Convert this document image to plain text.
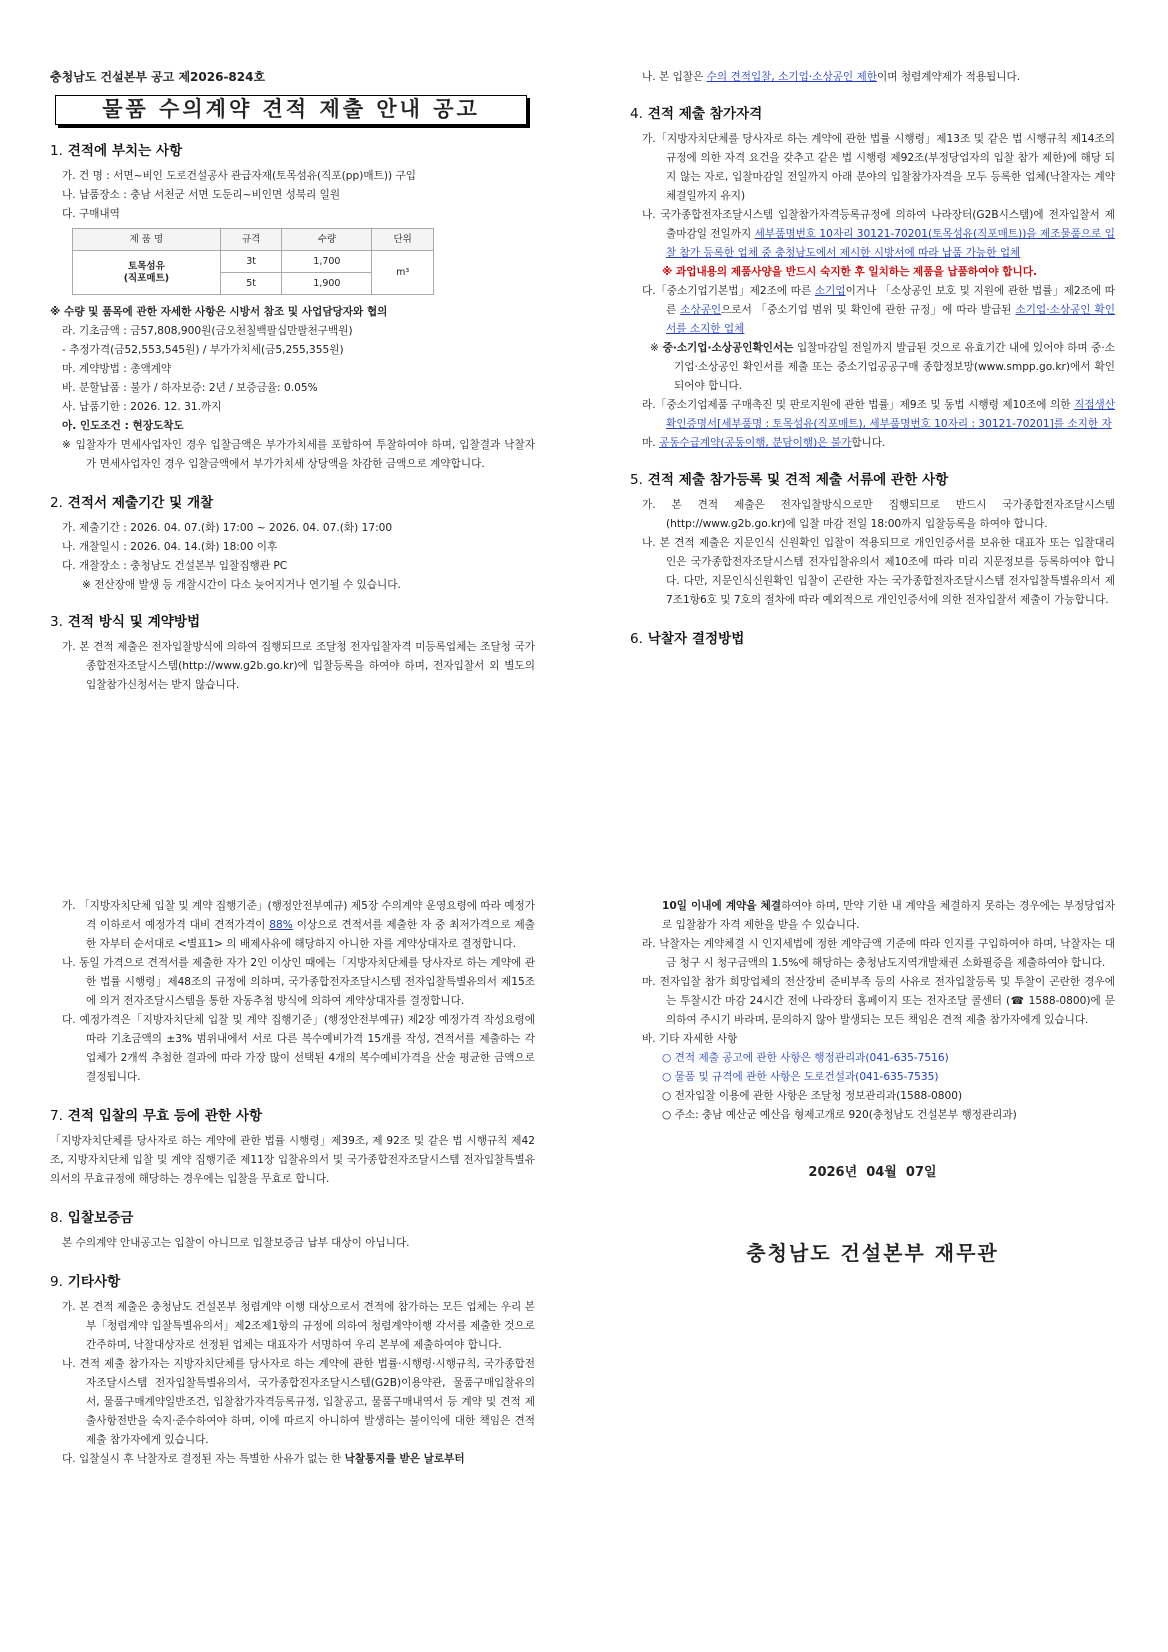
충청남도 건설본부 공고 제2026-824호

물품 수의계약 견적 제출 안내 공고
1. 견적에 부치는 사항

가. 건 명 : 서면~비인 도로건설공사 관급자재(토목섬유(직포(pp)매트)) 구입

나. 납품장소 : 충남 서천군 서면 도둔리~비인면 성북리 일원

다. 구매내역

제 품 명	규격	수량	단위
토목섬유
(직포매트)	3t	1,700	m³
	5t	1,900	

※ 수량 및 품목에 관한 자세한 사항은 시방서 참조 및 사업담당자와 협의

라. 기초금액 : 금57,808,900원(금오천칠백팔십만팔천구백원)

- 추정가격(금52,553,545원) / 부가가치세(금5,255,355원)

마. 계약방법 : 총액계약

바. 분할납품 : 불가 / 하자보증: 2년 / 보증금율: 0.05%

사. 납품기한 : 2026. 12. 31.까지

아. 인도조건 : 현장도착도

※ 입찰자가 면세사업자인 경우 입찰금액은 부가가치세를 포함하여 투찰하여야 하며, 입찰결과 낙찰자가 면세사업자인 경우 입찰금액에서 부가가치세 상당액을 차감한 금액으로 계약합니다.

2. 견적서 제출기간 및 개찰

가. 제출기간 : 2026. 04. 07.(화) 17:00 ~ 2026. 04. 07.(화) 17:00

나. 개찰일시 : 2026. 04. 14.(화) 18:00 이후

다. 개찰장소 : 충청남도 건설본부 입찰집행관 PC

※ 전산장애 발생 등 개찰시간이 다소 늦어지거나 연기될 수 있습니다.

3. 견적 방식 및 계약방법

가. 본 견적 제출은 전자입찰방식에 의하여 집행되므로 조달청 전자입찰자격 미등록업체는 조달청 국가종합전자조달시스템(http://www.g2b.go.kr)에 입찰등록을 하여야 하며, 전자입찰서 외 별도의 입찰참가신청서는 받지 않습니다.

나. 본 입찰은 수의 견적입찰, 소기업·소상공인 제한이며 청렴계약제가 적용됩니다.

4. 견적 제출 참가자격

가.「지방자치단체를 당사자로 하는 계약에 관한 법률 시행령」제13조 및 같은 법 시행규칙 제14조의 규정에 의한 자격 요건을 갖추고 같은 법 시행령 제92조(부정당업자의 입찰 참가 제한)에 해당 되지 않는 자로, 입찰마감일 전일까지 아래 분야의 입찰참가자격을 모두 등록한 업체(낙찰자는 계약체결일까지 유지)

나. 국가종합전자조달시스템 입찰참가자격등록규정에 의하여 나라장터(G2B시스템)에 전자입찰서 제출마감일 전일까지 세부품명번호 10자리 30121-70201(토목섬유(직포매트))을 제조물품으로 입찰 참가 등록한 업체 중 충청남도에서 제시한 시방서에 따라 납품 가능한 업체

※ 과업내용의 제품사양을 반드시 숙지한 후 일치하는 제품을 납품하여야 합니다.

다.「중소기업기본법」제2조에 따른 소기업이거나 「소상공인 보호 및 지원에 관한 법률」제2조에 따른 소상공인으로서 「중소기업 범위 및 확인에 관한 규정」에 따라 발급된 소기업·소상공인 확인서를 소지한 업체

※ 중·소기업·소상공인확인서는 입찰마감일 전일까지 발급된 것으로 유효기간 내에 있어야 하며 중·소기업·소상공인 확인서를 제출 또는 중소기업공공구매 종합정보망(www.smpp.go.kr)에서 확인되어야 합니다.

라.「중소기업제품 구매촉진 및 판로지원에 관한 법률」제9조 및 동법 시행령 제10조에 의한 직접생산확인증명서[세부품명 : 토목섬유(직포매트), 세부품명번호 10자리 : 30121-70201]를 소지한 자

마. 공동수급계약(공동이행, 분담이행)은 불가합니다.

5. 견적 제출 참가등록 및 견적 제출 서류에 관한 사항

가. 본 견적 제출은 전자입찰방식으로만 집행되므로 반드시 국가종합전자조달시스템(http://www.g2b.go.kr)에 입찰 마감 전일 18:00까지 입찰등록을 하여야 합니다.

나. 본 견적 제출은 지문인식 신원확인 입찰이 적용되므로 개인인증서를 보유한 대표자 또는 입찰대리인은 국가종합전자조달시스템 전자입찰유의서 제10조에 따라 미리 지문정보를 등록하여야 합니다. 다만, 지문인식신원확인 입찰이 곤란한 자는 국가종합전자조달시스템 전자입찰특별유의서 제7조1항6호 및 7호의 절차에 따라 예외적으로 개인인증서에 의한 전자입찰서 제출이 가능합니다.

6. 낙찰자 결정방법

가. 「지방자치단체 입찰 및 계약 집행기준」(행정안전부예규) 제5장 수의계약 운영요령에 따라 예정가격 이하로서 예정가격 대비 견적가격이 88% 이상으로 견적서를 제출한 자 중 최저가격으로 제출한 자부터 순서대로 <별표1> 의 배제사유에 해당하지 아니한 자를 계약상대자로 결정합니다.

나. 동일 가격으로 견적서를 제출한 자가 2인 이상인 때에는「지방자치단체를 당사자로 하는 계약에 관한 법률 시행령」제48조의 규정에 의하며, 국가종합전자조달시스템 전자입찰특별유의서 제15조에 의거 전자조달시스템을 통한 자동추첨 방식에 의하여 계약상대자를 결정합니다.

다. 예정가격은「지방자치단체 입찰 및 계약 집행기준」(행정안전부예규) 제2장 예정가격 작성요령에 따라 기초금액의 ±3% 범위내에서 서로 다른 복수예비가격 15개를 작성, 견적서를 제출하는 각 업체가 2개씩 추첨한 결과에 따라 가장 많이 선택된 4개의 복수예비가격을 산술 평균한 금액으로 결정됩니다.

7. 견적 입찰의 무효 등에 관한 사항

「지방자치단체를 당사자로 하는 계약에 관한 법률 시행령」제39조, 제 92조 및 같은 법 시행규칙 제42조, 지방자치단체 입찰 및 계약 집행기준 제11장 입찰유의서 및 국가종합전자조달시스템 전자입찰특별유의서의 무효규정에 해당하는 경우에는 입찰을 무효로 합니다.

8. 입찰보증금

본 수의계약 안내공고는 입찰이 아니므로 입찰보증금 납부 대상이 아닙니다.

9. 기타사항

가. 본 견적 제출은 충청남도 건설본부 청렴계약 이행 대상으로서 견적에 참가하는 모든 업체는 우리 본부「청렴계약 입찰특별유의서」제2조제1항의 규정에 의하여 청렴계약이행 각서를 제출한 것으로 간주하며, 낙찰대상자로 선정된 업체는 대표자가 서명하여 우리 본부에 제출하여야 합니다.

나. 견적 제출 참가자는 지방자치단체를 당사자로 하는 계약에 관한 법률·시행령·시행규칙, 국가종합전자조달시스템 전자입찰특별유의서, 국가종합전자조달시스템(G2B)이용약관, 물품구매입찰유의서, 물품구매계약일반조건, 입찰참가자격등록규정, 입찰공고, 물품구매내역서 등 계약 및 견적 제출사항전반을 숙지·준수하여야 하며, 이에 따르지 아니하여 발생하는 불이익에 대한 책임은 견적 제출 참가자에게 있습니다.

다. 입찰실시 후 낙찰자로 결정된 자는 특별한 사유가 없는 한 낙찰통지를 받은 날로부터

10일 이내에 계약을 체결하여야 하며, 만약 기한 내 계약을 체결하지 못하는 경우에는 부정당업자로 입찰참가 자격 제한을 받을 수 있습니다.

라. 낙찰자는 계약체결 시 인지세법에 정한 계약금액 기준에 따라 인지를 구입하여야 하며, 낙찰자는 대금 청구 시 청구금액의 1.5%에 해당하는 충청남도지역개발채권 소화필증을 제출하여야 합니다.

마. 전자입찰 참가 희망업체의 전산장비 준비부족 등의 사유로 전자입찰등록 및 투찰이 곤란한 경우에는 투찰시간 마감 24시간 전에 나라장터 홈페이지 또는 전자조달 콜센터 (☎ 1588-0800)에 문의하여 주시기 바라며, 문의하지 않아 발생되는 모든 책임은 견적 제출 참가자에게 있습니다.

바. 기타 자세한 사항

○ 견적 제출 공고에 관한 사항은 행정관리과(041-635-7516)

○ 물품 및 규격에 관한 사항은 도로건설과(041-635-7535)

○ 전자입찰 이용에 관한 사항은 조달청 정보관리과(1588-0800)

○ 주소: 충남 예산군 예산읍 형제고개로 920(충청남도 건설본부 행정관리과)

2026년  04월  07일

충청남도 건설본부 재무관
